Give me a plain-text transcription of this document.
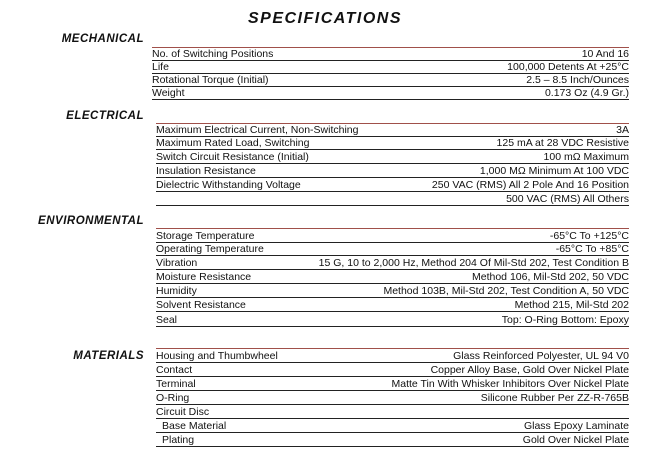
SPECIFICATIONS
MECHANICAL
No. of Switching Positions	10 And 16
Life	100,000 Detents At +25°C
Rotational Torque (Initial)	2.5 – 8.5 Inch/Ounces
Weight	0.173 Oz (4.9 Gr.)
ELECTRICAL
Maximum Electrical Current, Non-Switching	3A
Maximum Rated Load, Switching	125 mA at 28 VDC Resistive
Switch Circuit Resistance (Initial)	100 mΩ Maximum
Insulation Resistance	1,000 MΩ Minimum At 100 VDC
Dielectric Withstanding Voltage	250 VAC (RMS) All 2 Pole And 16 Position
500 VAC (RMS) All Others
ENVIRONMENTAL
Storage Temperature	-65°C To +125°C
Operating Temperature	-65°C To +85°C
Vibration	15 G, 10 to 2,000 Hz, Method 204 Of Mil-Std 202, Test Condition B
Moisture Resistance	Method 106, Mil-Std 202, 50 VDC
Humidity	Method 103B, Mil-Std 202, Test Condition A, 50 VDC
Solvent Resistance	Method 215, Mil-Std 202
Seal	Top: O-Ring Bottom: Epoxy
MATERIALS Housing and Thumbwheel	Glass Reinforced Polyester, UL 94 V0
Contact	Copper Alloy Base, Gold Over Nickel Plate
Terminal	Matte Tin With Whisker Inhibitors Over Nickel Plate
O-Ring	Silicone Rubber Per ZZ-R-765B
Circuit Disc
Base Material	Glass Epoxy Laminate
Plating	Gold Over Nickel Plate
